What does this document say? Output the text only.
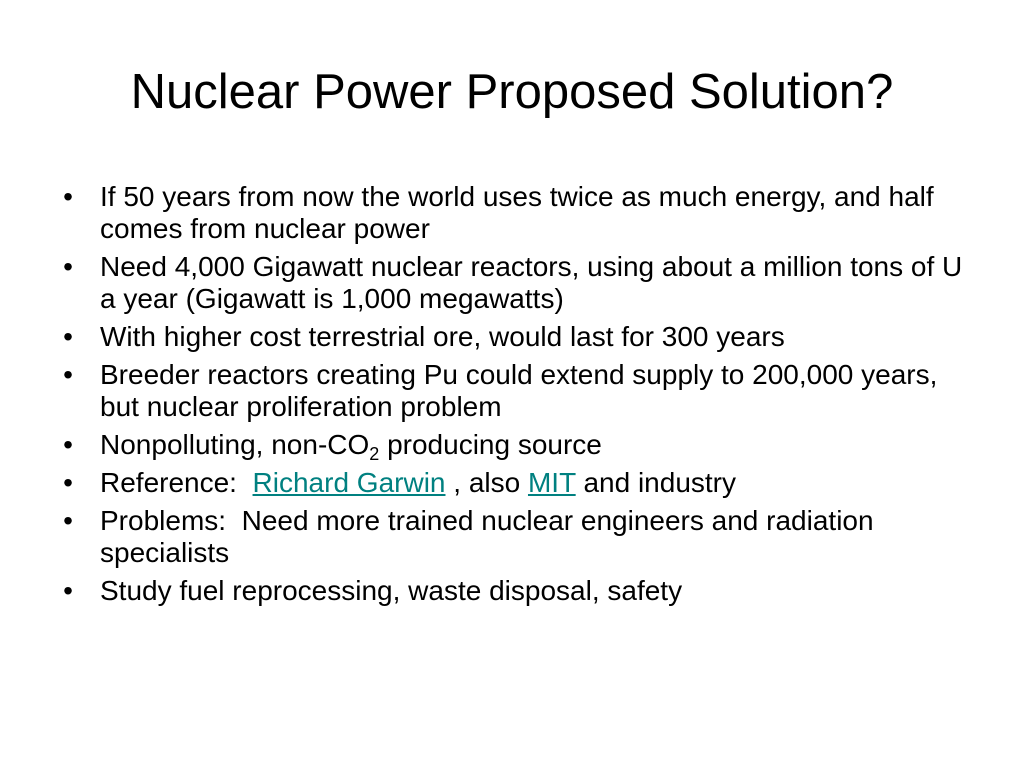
Nuclear Power Proposed Solution?
• If 50 years from now the world uses twice as much energy, and half comes from nuclear power
• Need 4,000 Gigawatt nuclear reactors, using about a million tons of U a year (Gigawatt is 1,000 megawatts)
• With higher cost terrestrial ore, would last for 300 years
• Breeder reactors creating Pu could extend supply to 200,000 years, but nuclear proliferation problem
• Nonpolluting, non-$CO_2$ producing source
• Reference:  Richard Garwin , also MIT and industry
• Problems:  Need more trained nuclear engineers and radiation specialists
• Study fuel reprocessing, waste disposal, safety
